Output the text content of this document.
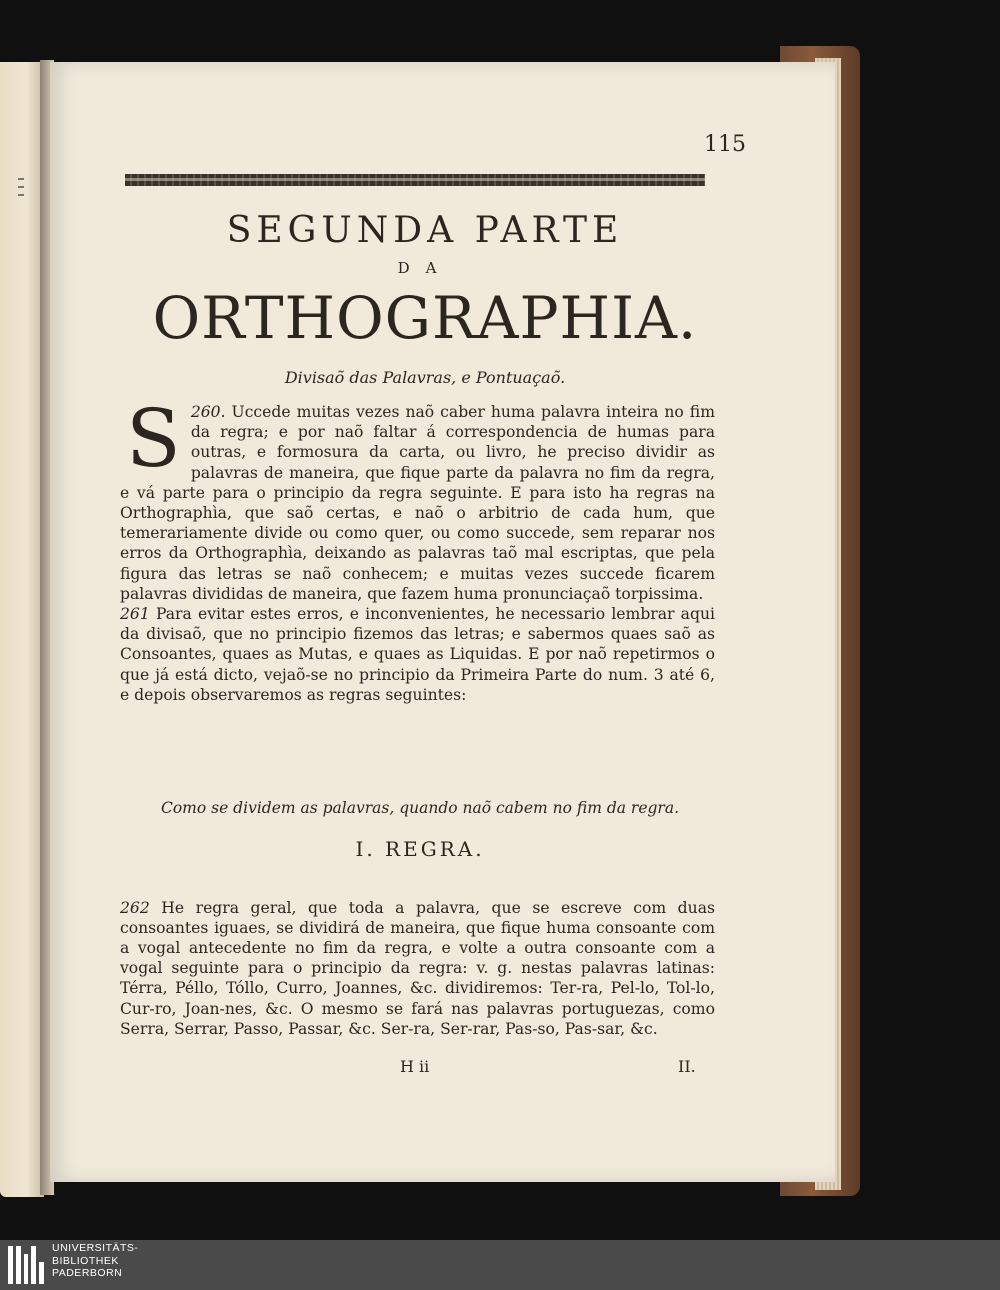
115
SEGUNDA PARTE
DA
ORTHOGRAPHIA.
Divisaõ das Palavras, e Pontuaçaõ.

260.
S	Uccede muitas vezes naõ caber huma palavra inteira no fim da regra; e por naõ faltar á correspondencia de humas para outras, e formosura da carta, ou livro, he preciso dividir as palavras de maneira, que fique parte da palavra no fim da regra, e vá parte para o principio da regra seguinte. E para isto ha regras na Orthographìa, que saõ certas, e naõ o arbitrio de cada hum, que temerariamente divide ou como quer, ou como succede, sem reparar nos erros da Orthographìa, deixando as palavras taõ mal escriptas, que pela figura das letras se naõ conhecem; e muitas vezes succede ficarem palavras divididas de maneira, que fazem huma pronunciaçaõ torpissima.

261 Para evitar estes erros, e inconvenientes, he necessario lembrar aqui da divisaõ, que no principio fizemos das letras; e sabermos quaes saõ as Consoantes, quaes as Mutas, e quaes as Liquidas. E por naõ repetirmos o que já está dicto, vejaõ-se no principio da Primeira Parte do num. 3 até 6, e depois observaremos as regras seguintes:

Como se dividem as palavras, quando naõ cabem no fim da regra.
I. REGRA.

262 He regra geral, que toda a palavra, que se escreve com duas consoantes iguaes, se dividirá de maneira, que fique huma consoante com a vogal antecedente no fim da regra, e volte a outra consoante com a vogal seguinte para o principio da regra: v. g. nestas palavras latinas: Térra, Péllo, Tóllo, Curro, Joannes, &c. dividiremos: Ter-ra, Pel-lo, Tol-lo, Cur-ro, Joan-nes, &c. O mesmo se fará nas palavras portuguezas, como Serra, Serrar, Passo, Passar, &c. Ser-ra, Ser-rar, Pas-so, Pas-sar, &c.

H ii	II.
UNIVERSITÄTS-
BIBLIOTHEK
PADERBORN
